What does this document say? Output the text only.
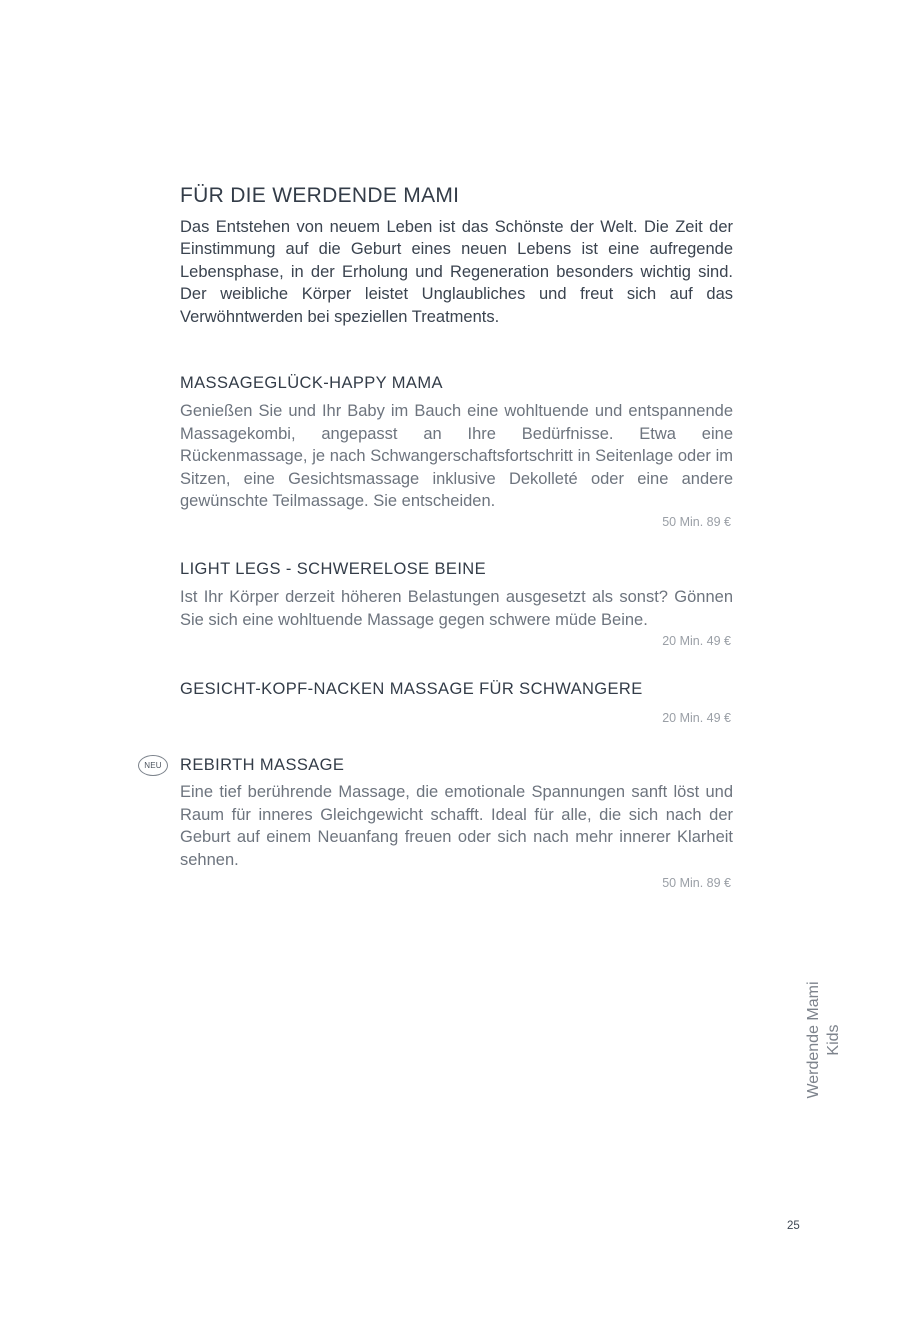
FÜR DIE WERDENDE MAMI

Das Entstehen von neuem Leben ist das Schönste der Welt. Die Zeit der Einstimmung auf die Geburt eines neuen Lebens ist eine aufregende Lebensphase, in der Erholung und Regeneration besonders wichtig sind. Der weibliche Körper leistet Unglaubliches und freut sich auf das Verwöhntwerden bei speziellen Treatments.

MASSAGEGLÜCK-HAPPY MAMA

Genießen Sie und Ihr Baby im Bauch eine wohltuende und entspannende Massagekombi, angepasst an Ihre Bedürfnisse. Etwa eine Rückenmassage, je nach Schwangerschaftsfortschritt in Seitenlage oder im Sitzen, eine Gesichtsmassage inklusive Dekolleté oder eine andere gewünschte Teilmassage. Sie entscheiden.

50 Min. 89 €
LIGHT LEGS - SCHWERELOSE BEINE

Ist Ihr Körper derzeit höheren Belastungen ausgesetzt als sonst? Gönnen Sie sich eine wohltuende Massage gegen schwere müde Beine.

20 Min. 49 €
GESICHT-KOPF-NACKEN MASSAGE FÜR SCHWANGERE
20 Min. 49 €
NEU	REBIRTH MASSAGE

Eine tief berührende Massage, die emotionale Spannungen sanft löst und Raum für inneres Gleichgewicht schafft. Ideal für alle, die sich nach der Geburt auf einem Neuanfang freuen oder sich nach mehr innerer Klarheit sehnen.

50 Min. 89 €
Werdende Mami Kids
25
